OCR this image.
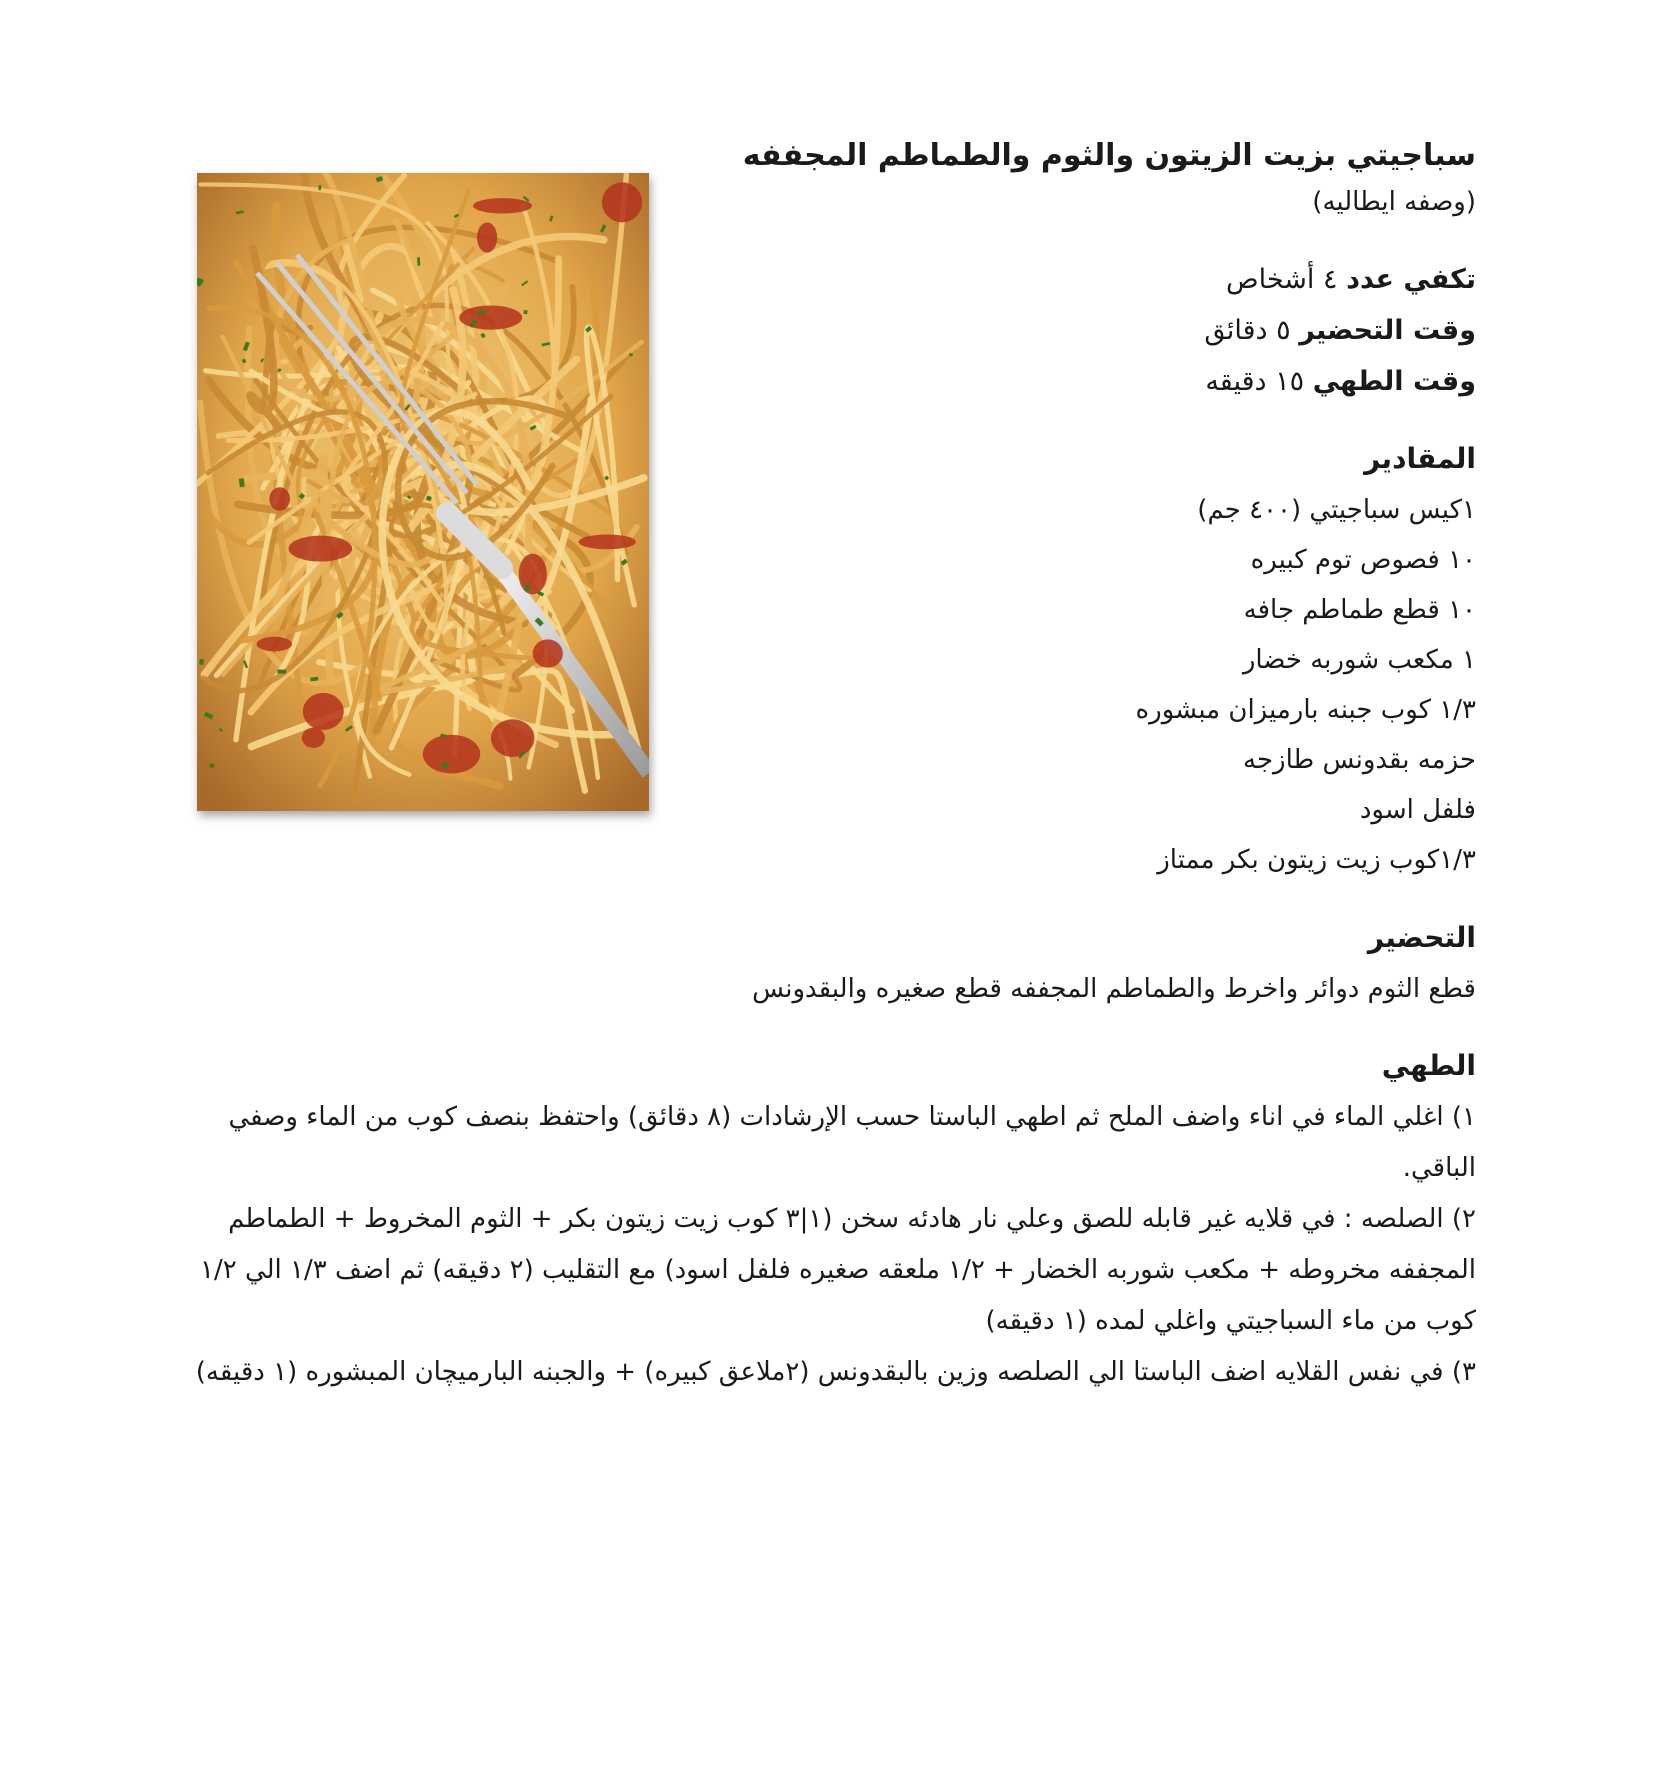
سباجيتي بزيت الزيتون والثوم والطماطم المجففه

(وصفه ايطاليه)

تكفي عدد ٤ أشخاص

وقت التحضير ٥ دقائق

وقت الطهي ١٥ دقيقه

المقادير
١كيس سباجيتي (٤٠٠ جم)
١٠ فصوص توم كبيره
١٠ قطع طماطم جافه
١ مكعب شوربه خضار
١/٣ كوب جبنه بارميزان مبشوره
حزمه بقدونس طازجه
فلفل اسود
١/٣كوب زيت زيتون بكر ممتاز
التحضير

قطع الثوم دوائر واخرط والطماطم المجففه قطع صغيره والبقدونس

الطهي

١) اغلي الماء في اناء واضف الملح ثم اطهي الباستا حسب الإرشادات (٨ دقائق) واحتفظ بنصف كوب من الماء وصفي الباقي.

٢) الصلصه : في قلايه غير قابله للصق وعلي نار هادئه سخن (١|٣ كوب زيت زيتون بكر + الثوم المخروط + الطماطم المجففه مخروطه + مكعب شوربه الخضار + ١/٢ ملعقه صغيره فلفل اسود) مع التقليب (٢ دقيقه) ثم اضف ١/٣ الي ١/٢ كوب من ماء السباجيتي واغلي لمده (١ دقيقه)

٣) في نفس القلايه اضف الباستا الي الصلصه وزين بالبقدونس (٢ملاعق كبيره) + والجبنه البارميچان المبشوره (١ دقيقه)
